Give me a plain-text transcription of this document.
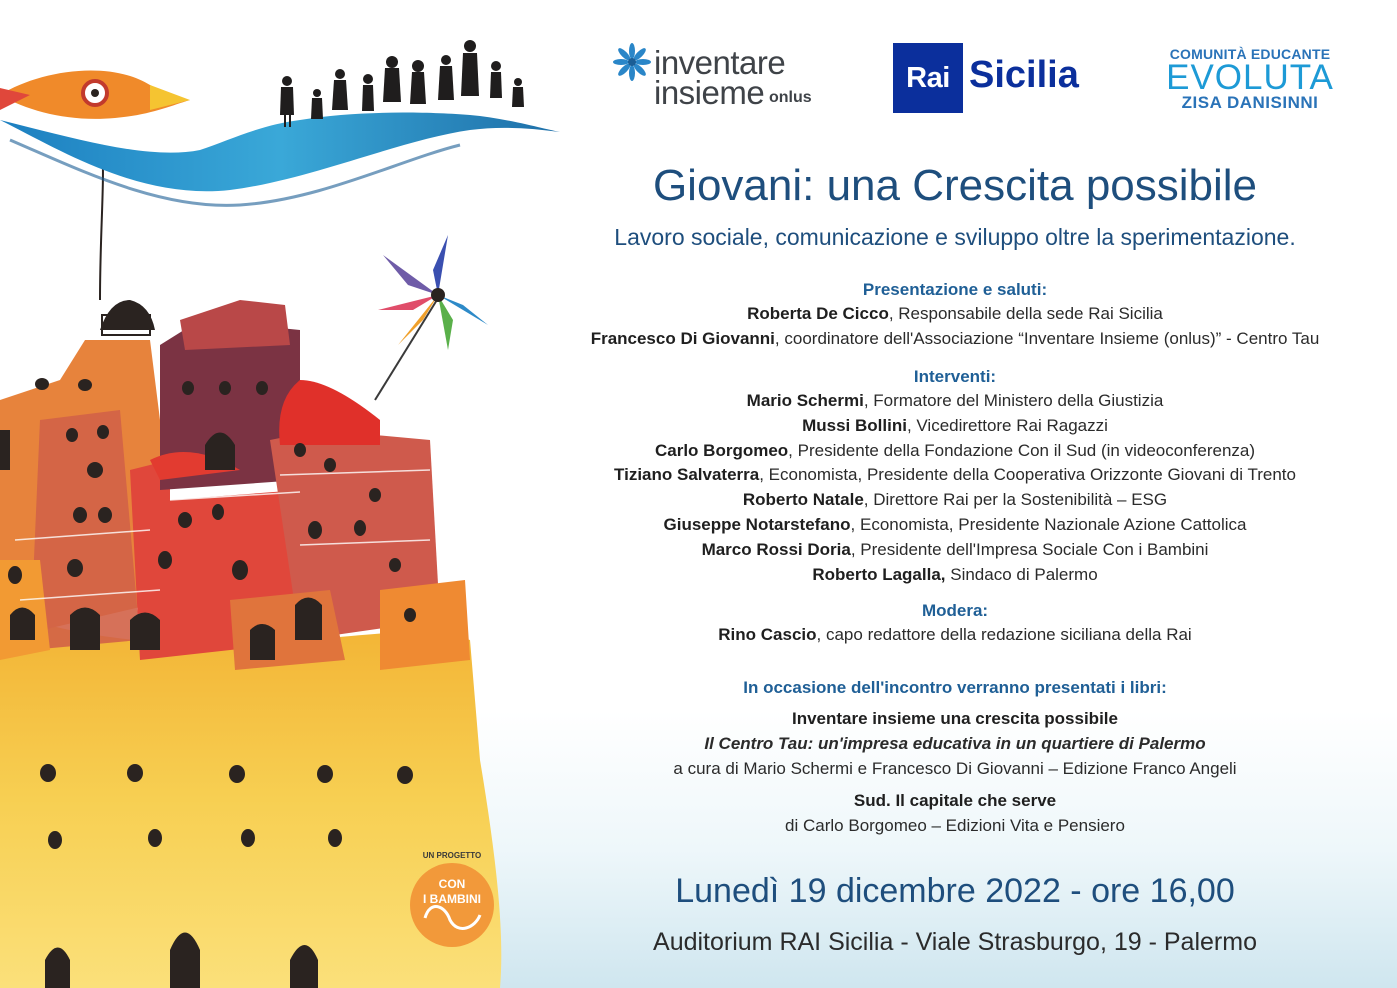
CON
I BAMBINI
UN PROGETTO
inventare
insieme onlus
Rai Sicilia	COMUNITÀ EDUCANTE
EVOLUTA
ZISA DANISINNI
Giovani: una Crescita possibile
Lavoro sociale, comunicazione e sviluppo oltre la sperimentazione.
Presentazione e saluti:
Roberta De Cicco, Responsabile della sede Rai Sicilia
Francesco Di Giovanni, coordinatore dell'Associazione “Inventare Insieme (onlus)” - Centro Tau
Interventi:
Mario Schermi, Formatore del Ministero della Giustizia
Mussi Bollini, Vicedirettore Rai Ragazzi
Carlo Borgomeo, Presidente della Fondazione Con il Sud (in videoconferenza)
Tiziano Salvaterra, Economista, Presidente della Cooperativa Orizzonte Giovani di Trento
Roberto Natale, Direttore Rai per la Sostenibilità – ESG
Giuseppe Notarstefano, Economista, Presidente Nazionale Azione Cattolica
Marco Rossi Doria, Presidente dell'Impresa Sociale Con i Bambini
Roberto Lagalla, Sindaco di Palermo
Modera:
Rino Cascio, capo redattore della redazione siciliana della Rai
In occasione dell'incontro verranno presentati i libri:
Inventare insieme una crescita possibile
Il Centro Tau: un'impresa educativa in un quartiere di Palermo
a cura di Mario Schermi e Francesco Di Giovanni – Edizione Franco Angeli
Sud. Il capitale che serve
di Carlo Borgomeo – Edizioni Vita e Pensiero
Lunedì 19 dicembre 2022 - ore 16,00
Auditorium RAI Sicilia - Viale Strasburgo, 19 - Palermo
